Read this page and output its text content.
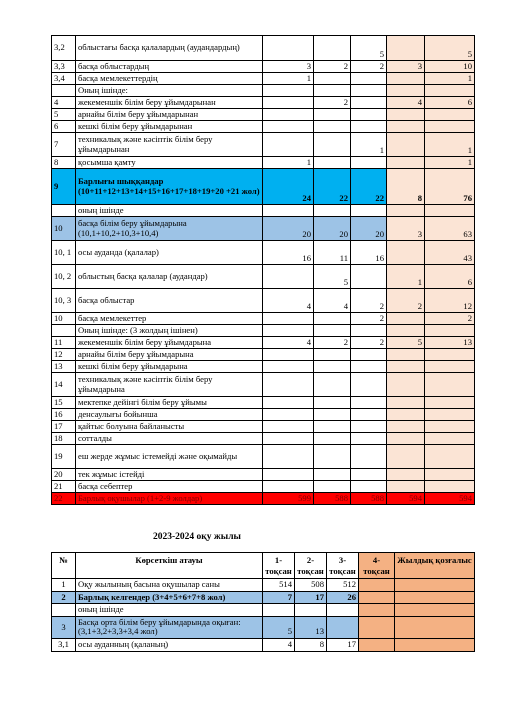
3,2	облыстағы басқа қалалардың (аудандардың)			5		5
3,3	басқа облыстардың	3	2	2	3	10
3,4	басқа мемлекеттердің	1				1
	Оның ішінде:					
4	жекеменшік білім беру ұйымдарынан		2		4	6
5	арнайы білім беру ұйымдарынан					
6	кешкі білім беру ұйымдарынан					
7	техникалық және кәсіптік білім беру ұйымдарынан			1		1
8	қосымша қамту	1				1
9	Барлығы шыққандар (10+11+12+13+14+15+16+17+18+19+20 +21 жол)	24	22	22	8	76
	оның ішінде					
10	басқа білім беру ұйымдарына (10,1+10,2+10,3+10,4)	20	20	20	3	63
10, 1	осы ауданда (қалалар)	16	11	16		43
10, 2	облыстың басқа қалалар (аудандар)		5		1	6
10, 3	басқа облыстар	4	4	2	2	12
10	басқа мемлекеттер			2		2
	Оның ішінде: (3 жолдың ішінен)					
11	жекеменшік білім беру ұйымдарына	4	2	2	5	13
12	арнайы білім беру ұйымдарына					
13	кешкі білім беру ұйымдарына					
14	техникалық және кәсіптік білім беру ұйымдарына					
15	мектепке дейінгі білім беру ұйымы					
16	денсаулығы бойынша					
17	қайтыс болуына байланысты					
18	сотталды					
19	еш жерде жұмыс істемейді және оқымайды					
20	тек жұмыс істейді					
21	басқа себептер					
22	Барлық оқушылар (1+2-9 жолдар)	599	588	588	594	594
2023-2024 оқу жылы
№	Көрсеткіш атауы	1-тоқсан	2-тоқсан	3-тоқсан	4-тоқсан	Жылдық қозғалыс
1	Оқу жылының басына оқушылар саны	514	508	512		
2	Барлық келгендер (3+4+5+6+7+8 жол)	7	17	26		
	оның ішінде					
3	Басқа орта білім беру ұйымдарында оқыған: (3,1+3,2+3,3+3,4 жол)	5	13			
3,1	осы ауданның (қаланың)	4	8	17		
